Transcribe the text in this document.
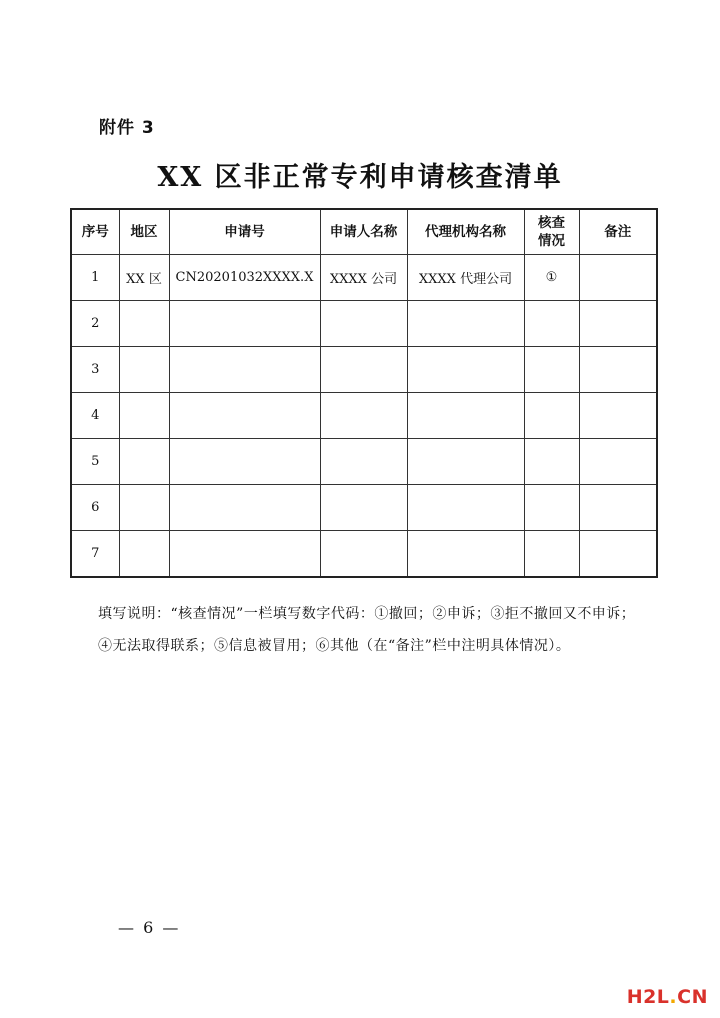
附件 3
XX 区非正常专利申请核查清单
序号	地区	申请号	申请人名称	代理机构名称	核查情况	备注
1	XX 区	CN20201032XXXX.X	XXXX 公司	XXXX 代理公司	①	
2						
3						
4						
5						
6						
7						

填写说明：“核查情况”一栏填写数字代码：①撤回；②申诉；③拒不撤回又不申诉；④无法取得联系；⑤信息被冒用；⑥其他（在“备注”栏中注明具体情况）。

— 6 —
H2L.CN
